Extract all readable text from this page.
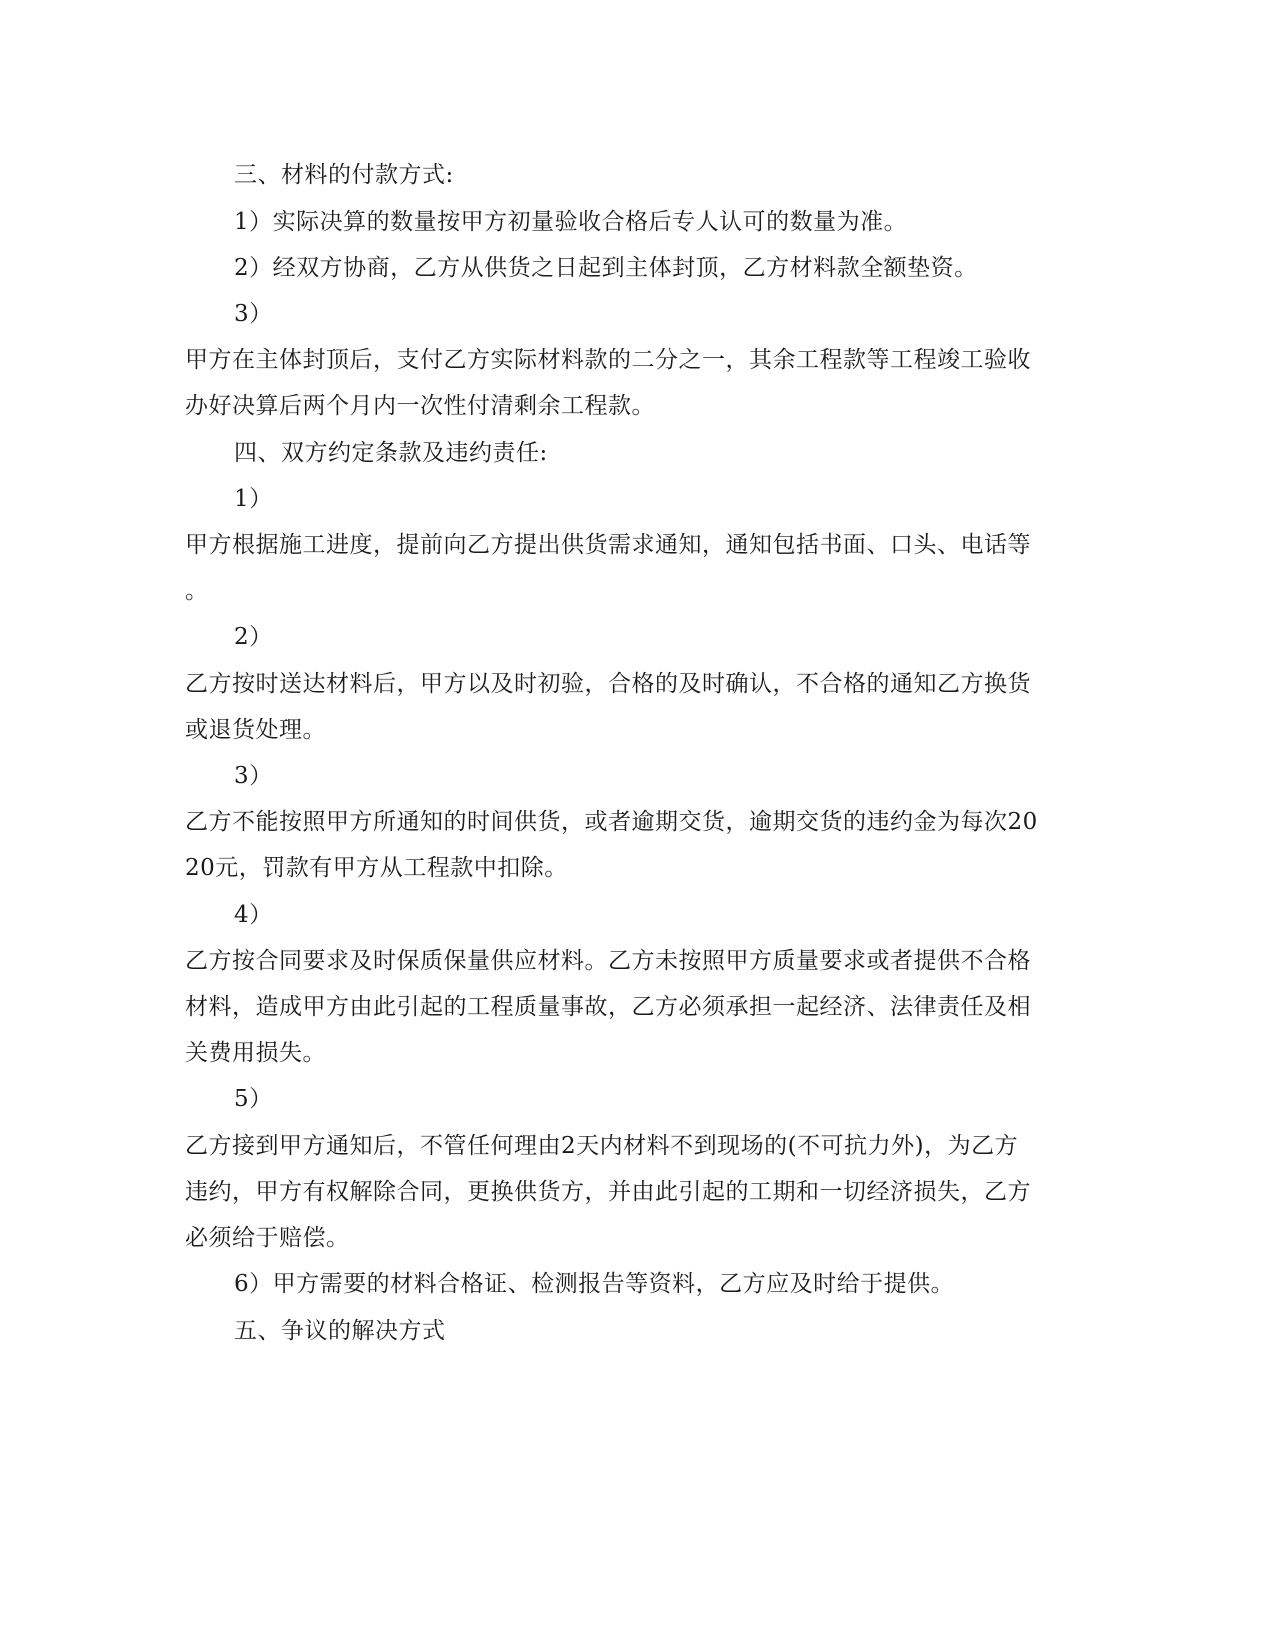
三、材料的付款方式:
1）实际决算的数量按甲方初量验收合格后专人认可的数量为准。
2）经双方协商，乙方从供货之日起到主体封顶，乙方材料款全额垫资。
3）
甲方在主体封顶后，支付乙方实际材料款的二分之一，其余工程款等工程竣工验收
办好决算后两个月内一次性付清剩余工程款。
四、双方约定条款及违约责任:
1）
甲方根据施工进度，提前向乙方提出供货需求通知，通知包括书面、口头、电话等
。
2）
乙方按时送达材料后，甲方以及时初验，合格的及时确认，不合格的通知乙方换货
或退货处理。
3）
乙方不能按照甲方所通知的时间供货，或者逾期交货，逾期交货的违约金为每次20
20元，罚款有甲方从工程款中扣除。
4）
乙方按合同要求及时保质保量供应材料。乙方未按照甲方质量要求或者提供不合格
材料，造成甲方由此引起的工程质量事故，乙方必须承担一起经济、法律责任及相
关费用损失。
5）
乙方接到甲方通知后，不管任何理由2天内材料不到现场的(不可抗力外)，为乙方
违约，甲方有权解除合同，更换供货方，并由此引起的工期和一切经济损失，乙方
必须给于赔偿。
6）甲方需要的材料合格证、检测报告等资料，乙方应及时给于提供。
五、争议的解决方式
